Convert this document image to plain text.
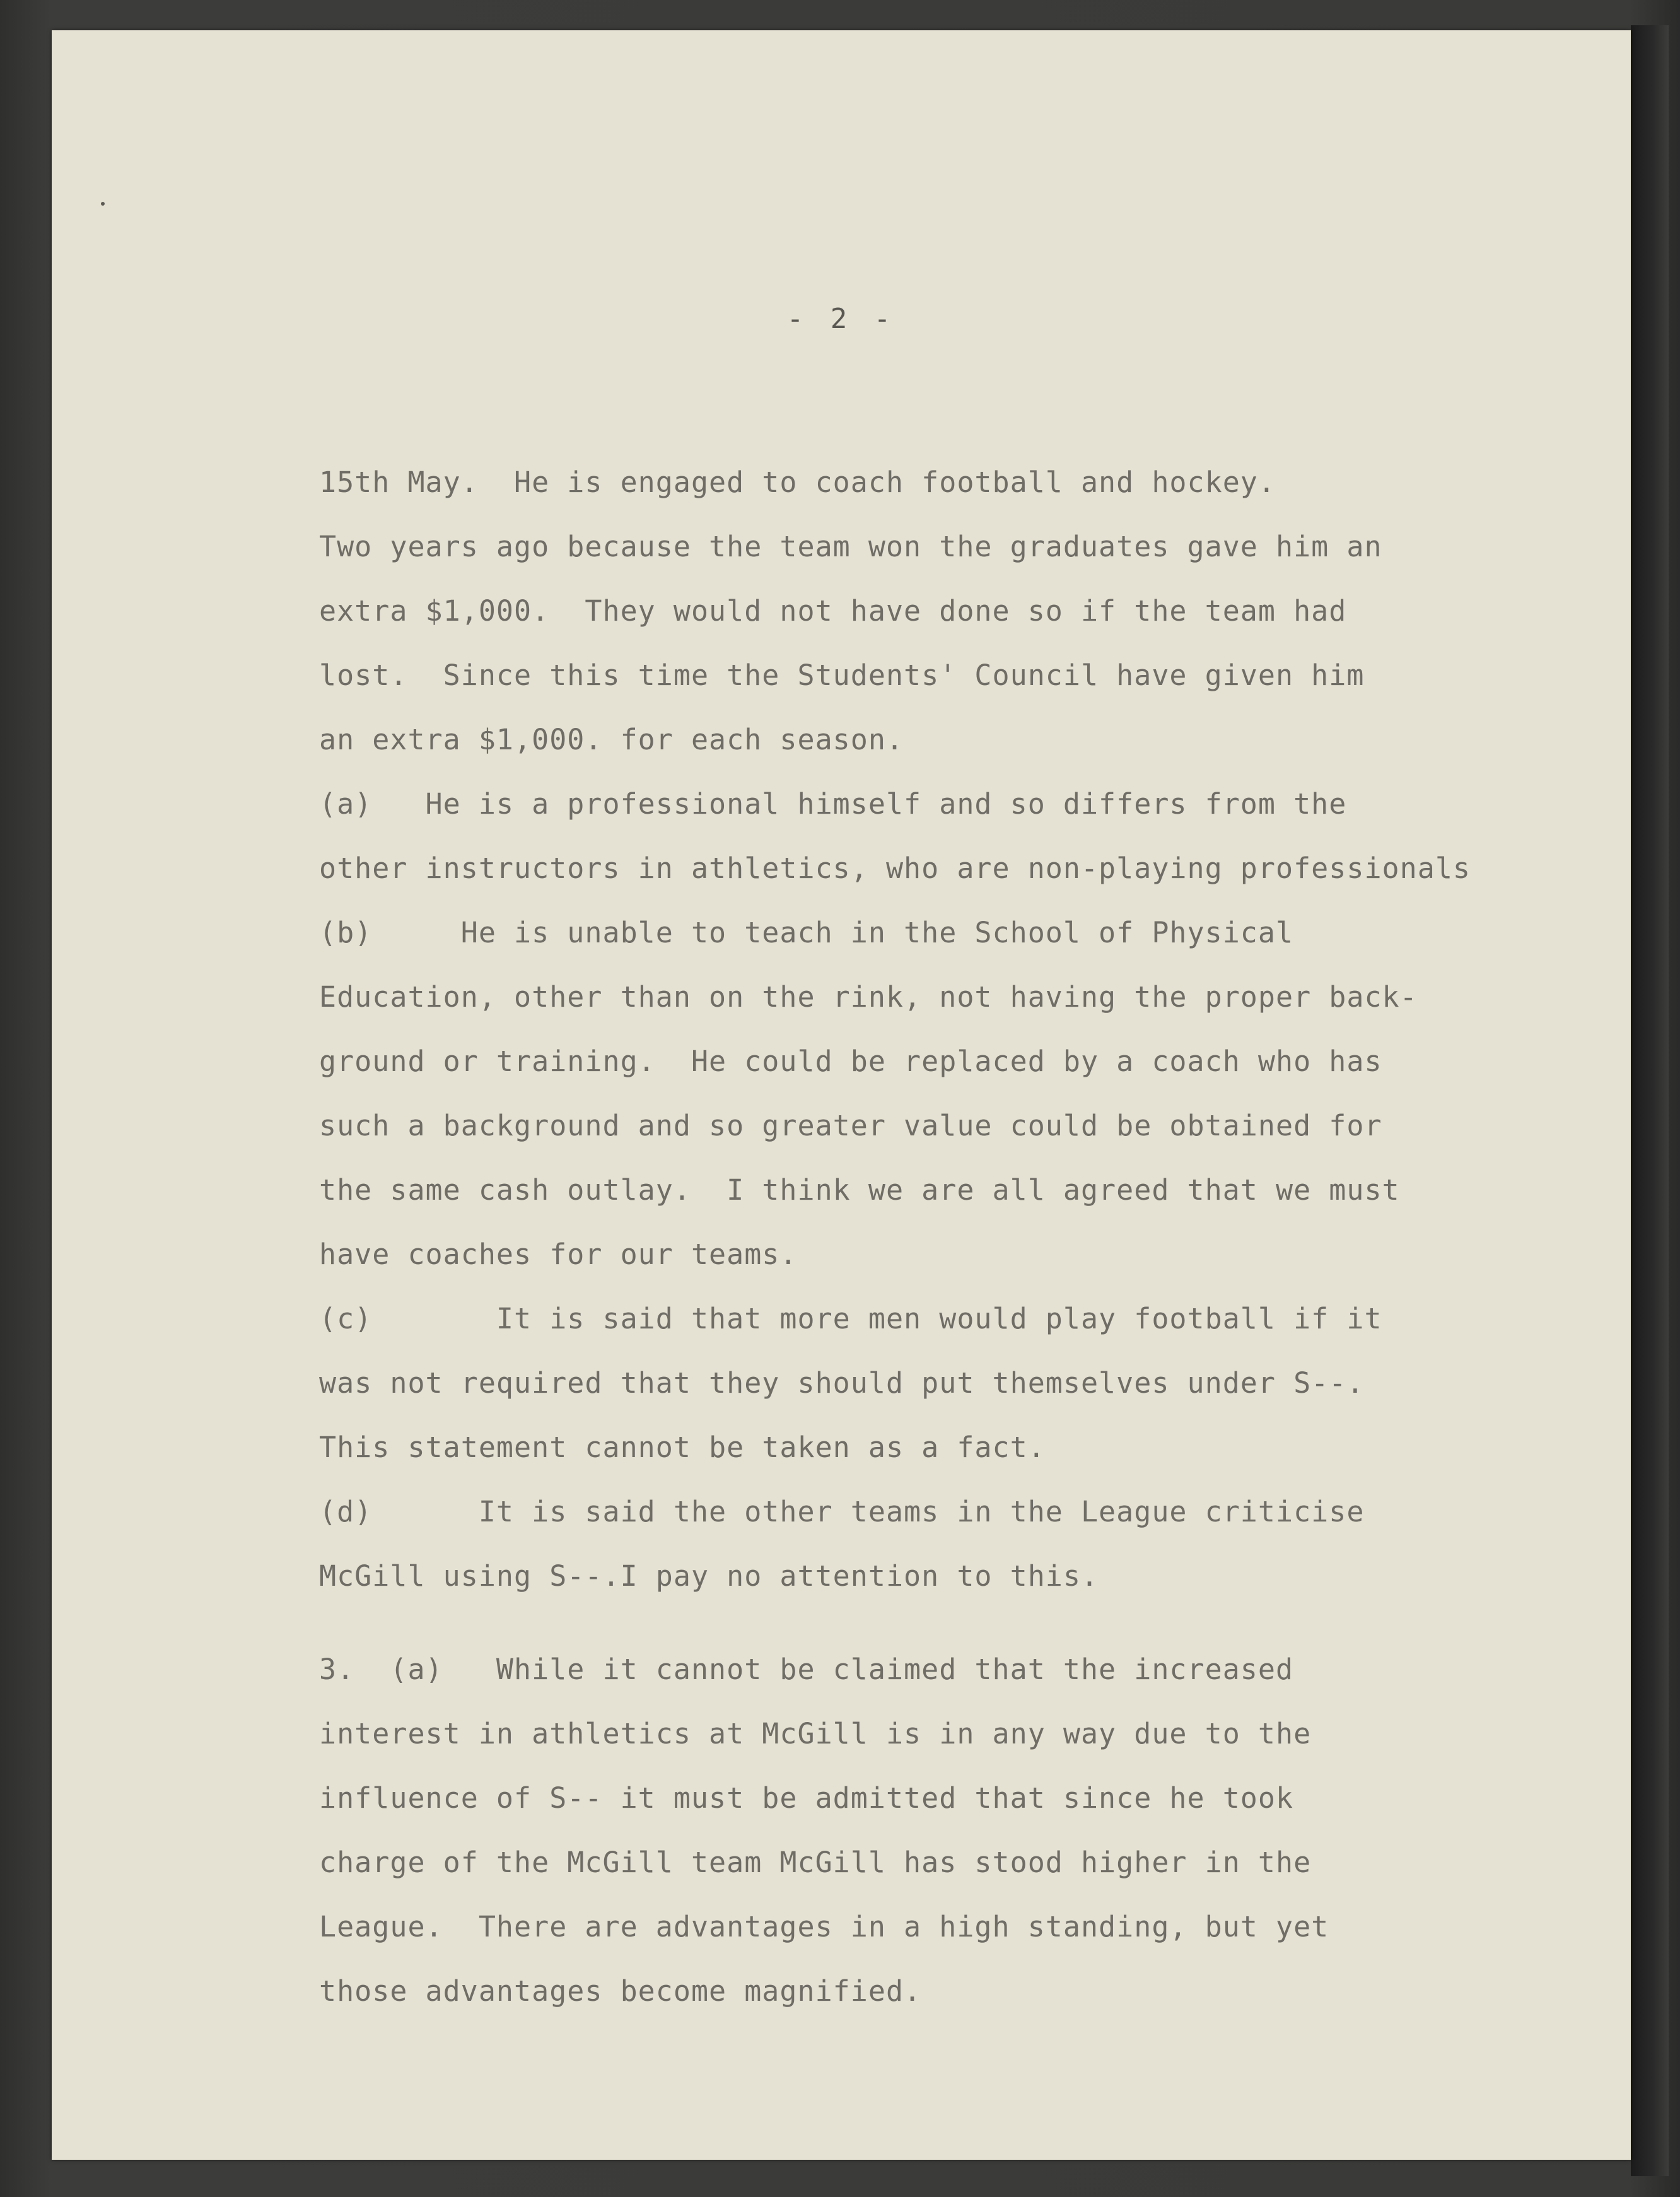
- 2 -

15th May.  He is engaged to coach football and hockey.

Two years ago because the team won the graduates gave him an

extra $1,000.  They would not have done so if the team had

lost.  Since this time the Students' Council have given him

an extra $1,000. for each season.

(a)   He is a professional himself and so differs from the

other instructors in athletics, who are non-playing professionals

(b)     He is unable to teach in the School of Physical

Education, other than on the rink, not having the proper back-

ground or training.  He could be replaced by a coach who has

such a background and so greater value could be obtained for

the same cash outlay.  I think we are all agreed that we must

have coaches for our teams.

(c)       It is said that more men would play football if it

was not required that they should put themselves under S--.

This statement cannot be taken as a fact.

(d)      It is said the other teams in the League criticise

McGill using S--.I pay no attention to this.

3.  (a)   While it cannot be claimed that the increased

interest in athletics at McGill is in any way due to the

influence of S-- it must be admitted that since he took

charge of the McGill team McGill has stood higher in the

League.  There are advantages in a high standing, but yet

those advantages become magnified.
